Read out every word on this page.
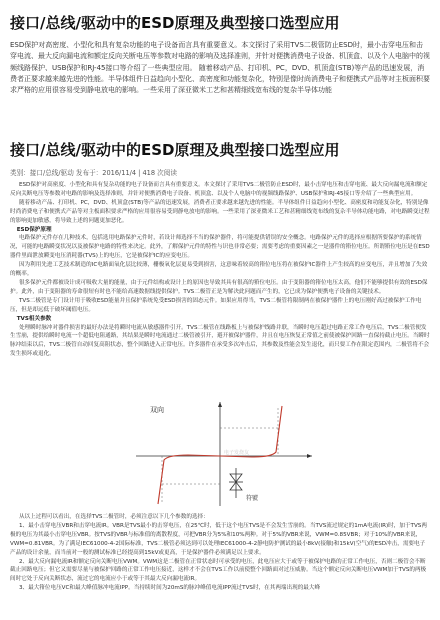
接口/总线/驱动中的ESD原理及典型接口选型应用
ESD保护对高密度、小型化和具有复杂功能的电子设备而言具有重要意义。本文探讨了采用TVS二极管防止ESD时，最小击穿电压和击穿电流、最大反向漏电流和额定反向关断电压等参数对电路的影响及选择准则，并针对便携消费电子设备、机顶盒、以及个人电脑中的视频线路保护、USB保护和RJ-45接口等介绍了一些典型应用。 随着移动产品、打印机、PC，DVD、机顶盒(STB)等产品的迅速发展，消费者正要求越来越先进的性能。半导体组件日益趋向小型化、高密度和功能复杂化，特别是像时尚消费电子和便携式产品等对主板面积要求严格的应用很容易受到静电放电的影响。一些采用了深亚微米工艺和甚精细线宽布线的复杂半导体功能
接口/总线/驱动中的ESD原理及典型接口选型应用
类别：接口/总线/驱动 发布于：2016/11/4 | 418 次阅读

ESD保护对高密度、小型化和具有复杂功能的电子设备而言具有重要意义。本文探讨了采用TVS二极管防止ESD时，最小击穿电压和击穿电流、最大反向漏电流和额定反向关断电压等参数对电路的影响及选择准则，并针对便携消费电子设备、机顶盒、以及个人电脑中的视频线路保护、USB保护和RJ-45接口等介绍了一些典型应用。

随着移动产品、打印机、PC，DVD、机顶盒(STB)等产品的迅速发展，消费者正要求越来越先进的性能。半导体组件日益趋向小型化、高密度和功能复杂化，特别是像时尚消费电子和便携式产品等对主板面积要求严格的应用很容易受到静电放电的影响。一些采用了深亚微米工艺和甚精细线宽布线的复杂半导体功能电路，对电路瞬变过程的影响更加敏感，将导致上述的问题更加恶化。

ESD保护原理

电路保护元件存在几种技术，包括选用电路保护元件时，若设计师选择不当的保护器件，将可能提供错误的安全概念。电路保护元件的选择应根据所要保护的系统情况，可能的电路瞬变状况以及被保护电路的特性来决定。此外，了解保护元件的特性与识也非常必要；需要考虑的重要因素之一是器件的箝位电压。所谓箝位电压是在ESD器件里面泄放瞬变电压消耗器(TVS)上的电压，它是被保护IC的应变电压。

因为利用先进工艺技术制造的IC电路面氧化层比较薄，栅极氧化层更易受到损害，这意味着较高的箝位电压将在被保护IC器件上产生较高的应变电压，并且增加了失效的概率。

很多保护元件都被设计成可吸收大量的能量，由于元件结构或设计上的原因也导致其具有很高的箝位电压。由于变阻器的箝位电压太高，他们不能够提供有效的ESD保护。此外，由于变阻器的寿命很短有时也不能给高速数据线提供保护。TVS二极管正是为解决此问题而产生的，它已成为保护便携电子设备的关键技术。

TVS二极管是专门设计用于吸收ESD能量并且保护系统免受ESD损害的固态元件。如果应用得当，TVS二极管将限制两在被保护器件上的电压刚好高过被保护工作电压，但是却远低于破坏阈值电压。

TVS相关参数

处理瞬时脉冲对器件损害的最好办法是将瞬时电流从敏感器件引开。TVS二极管在线路板上与被保护线路并联，当瞬时电压超过电路正常工作电压后，TVS二极管便发生雪崩，提供给瞬时电流一个超低电阻通路，其结果是瞬时电流通过二极管被引开，避开被保护器件，并且在电压恢复正常值之前使被保护回路一直保持截止电压。当瞬时脉冲结束以后，TVS二极管自动回复高阻状态，整个回路进入正常电压。许多器件在承受多次冲击后，其参数及性能会发生退化，而只要工作在限定范围内，二极管将不会发生损坏或退化。

双向
符號
电子发烧友

从以上过程可以看出，在选择TVS二极管时，必须注意以下几个参数的选择：

1、最小击穿电压VBR和击穿电流IR。VBR是TVS最小的击穿电压，在25℃时，低于这个电压TVS是不会发生雪崩的。当TVS流过规定的1mA电流(IR)时，加于TVS两极的电压为其最小击穿电压VBR。按TVS的VBR与标准值的离散程度，可把VBR分为5%和10%两种。对于5%的VBR来说，VWM=0.85VBR；对于10%的VBR来说，VWM=0.81VBR。为了满足IEC61000-4-2国际标准，TVS二极管必须达到可以处理IEC61000-4-2静电防护测试的最小8kV(接触)和15kV(空气)的ESD冲击，需要电子产品的设计余量，而当前对一般的测试标准已经提高到15kV或更高，于是保护器件必须满足以上要求。

2、最大反向漏电流IR和额定反向关断电压VWM。VWM这是二极管在正常状态时可承受的电压，此电压应大于或等于被保护电路的正常工作电压，否则二极管会不断截止回路电压；但它又需要尽量与被保护回路的正常工作电压接近，这样才不会在TVS工作以前使整个回路面对过压威胁。当这个额定反向关断电压VWM加于TVS的两极间时它处于反向关断状态，流过它的电流应小于或等于其最大反向漏电流IR。

3、最大箝位电压VC和最大峰值脉冲电流IPP。当持续时间为20mS的脉冲峰值电流IPP流过TVS时，在其两端出现的最大峰
